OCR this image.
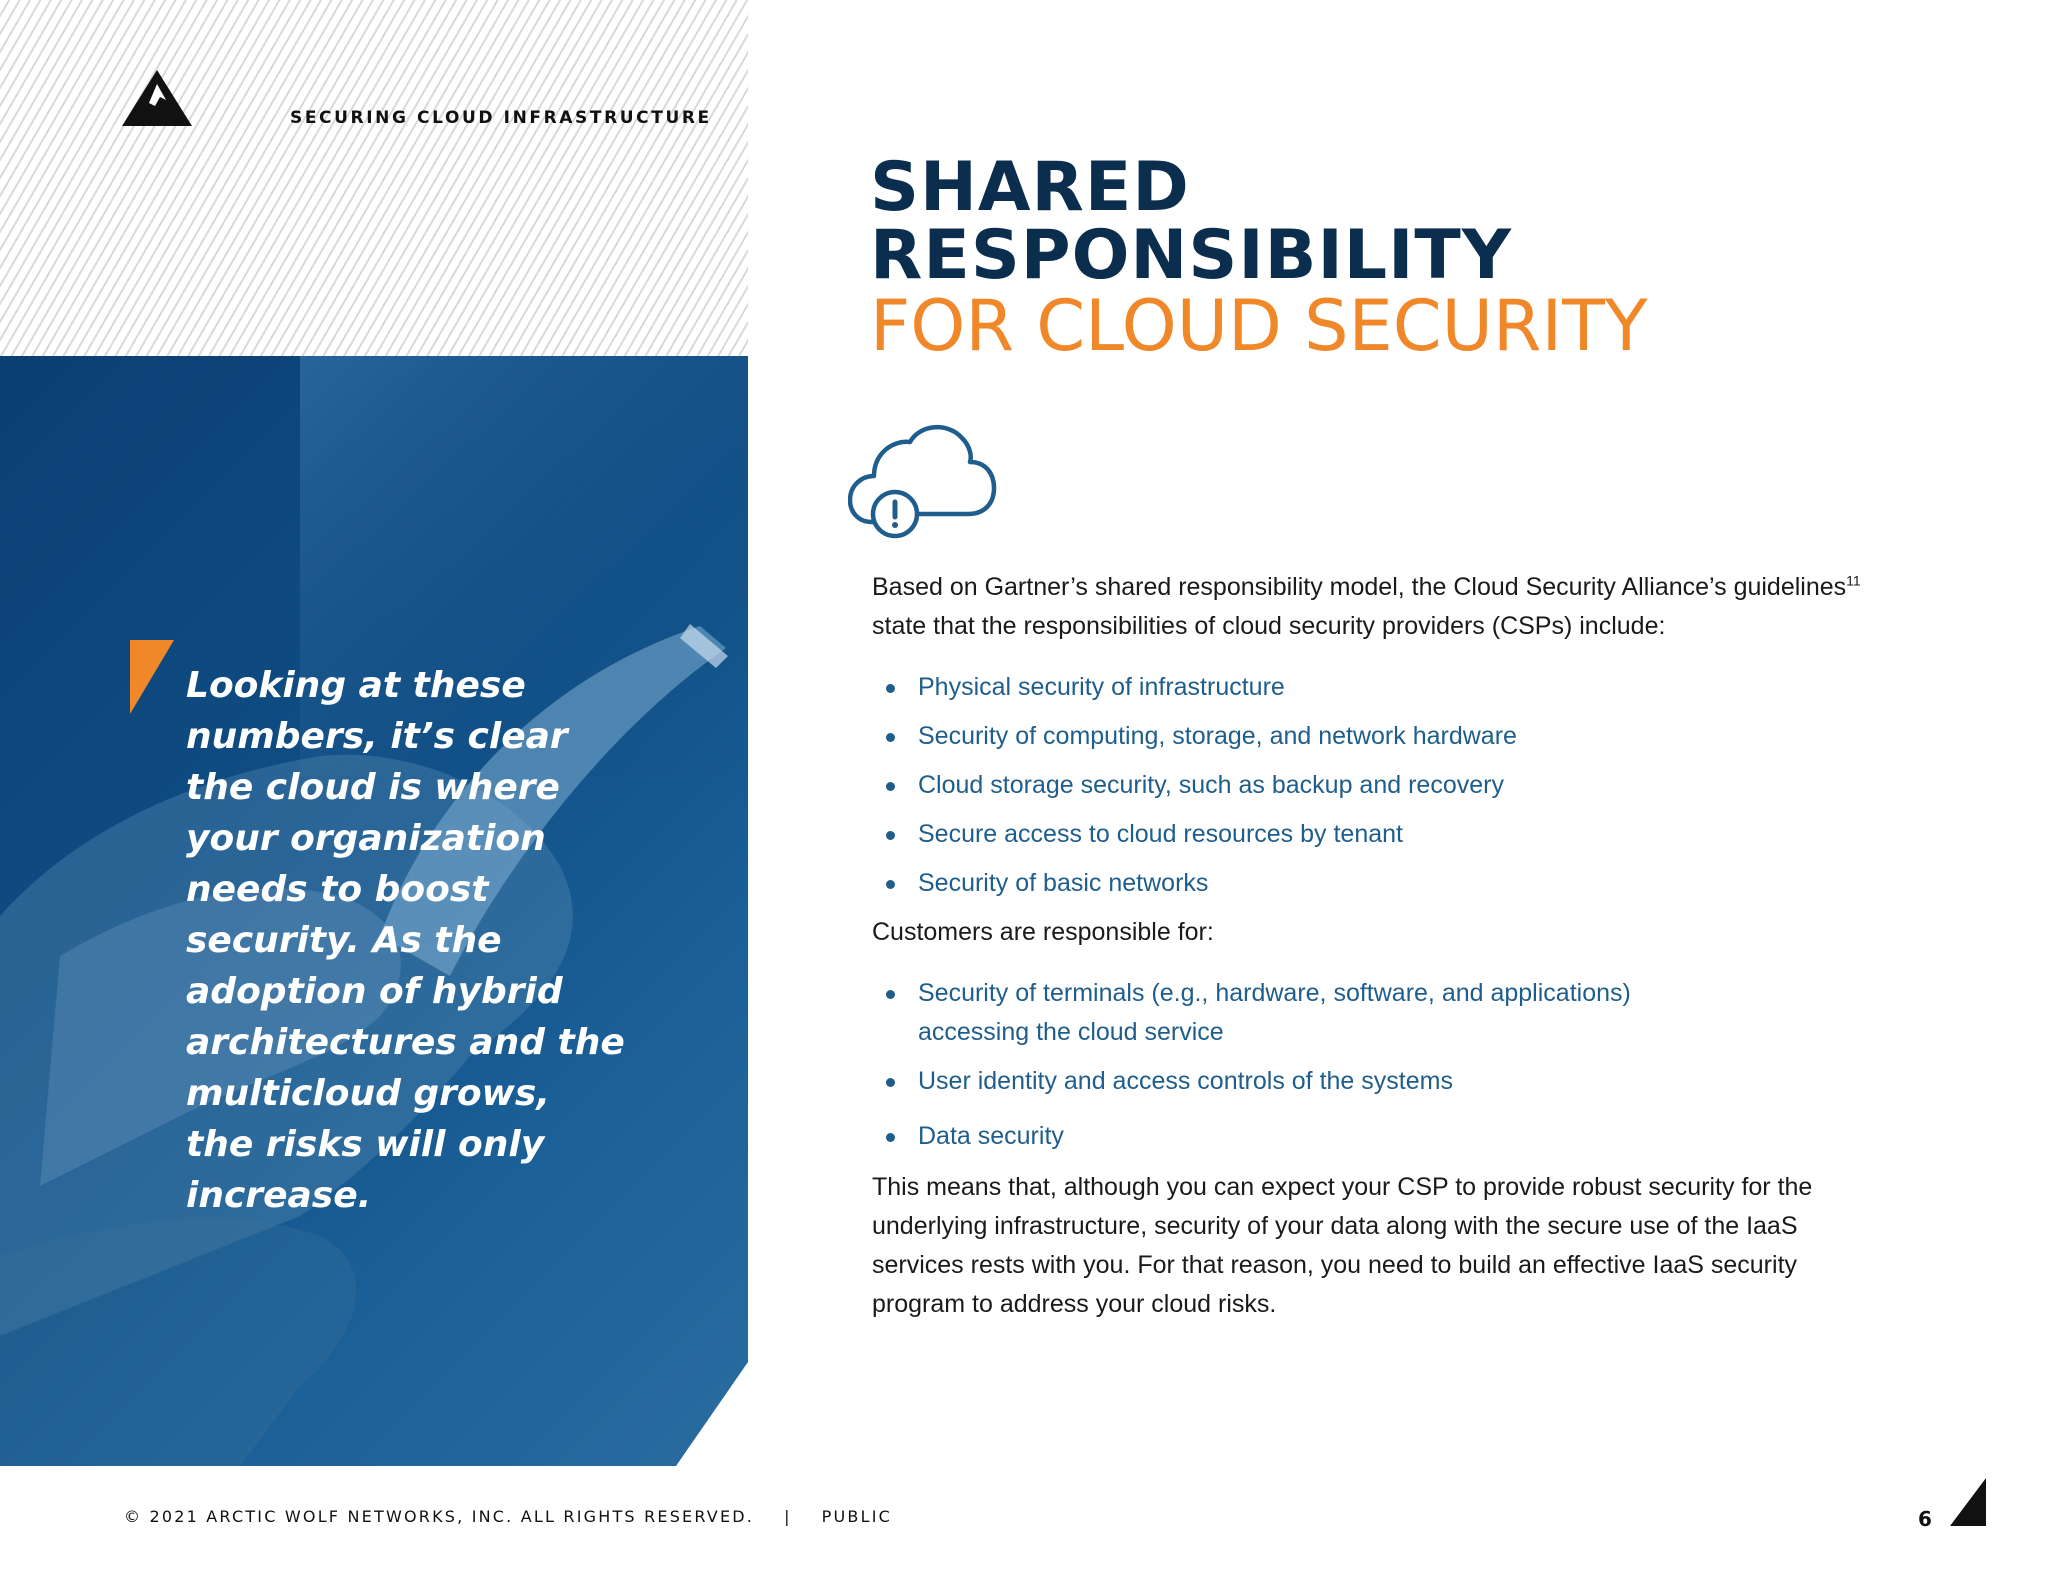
SECURING CLOUD INFRASTRUCTURE
Looking at these numbers, it’s clear the cloud is where your organization needs to boost security. As the adoption of hybrid architectures and the multicloud grows, the risks will only increase.
SHARED
RESPONSIBILITY
FOR CLOUD SECURITY

Based on Gartner’s shared responsibility model, the Cloud Security Alliance’s guidelines$^{11}$ state that the responsibilities of cloud security providers (CSPs) include:

Physical security of infrastructure
Security of computing, storage, and network hardware
Cloud storage security, such as backup and recovery
Secure access to cloud resources by tenant
Security of basic networks

Customers are responsible for:

Security of terminals (e.g., hardware, software, and applications) accessing the cloud service
User identity and access controls of the systems
Data security

This means that, although you can expect your CSP to provide robust security for the underlying infrastructure, security of your data along with the secure use of the IaaS services rests with you. For that reason, you need to build an effective IaaS security program to address your cloud risks.

© 2021 ARCTIC WOLF NETWORKS, INC. ALL RIGHTS RESERVED. | PUBLIC	6
